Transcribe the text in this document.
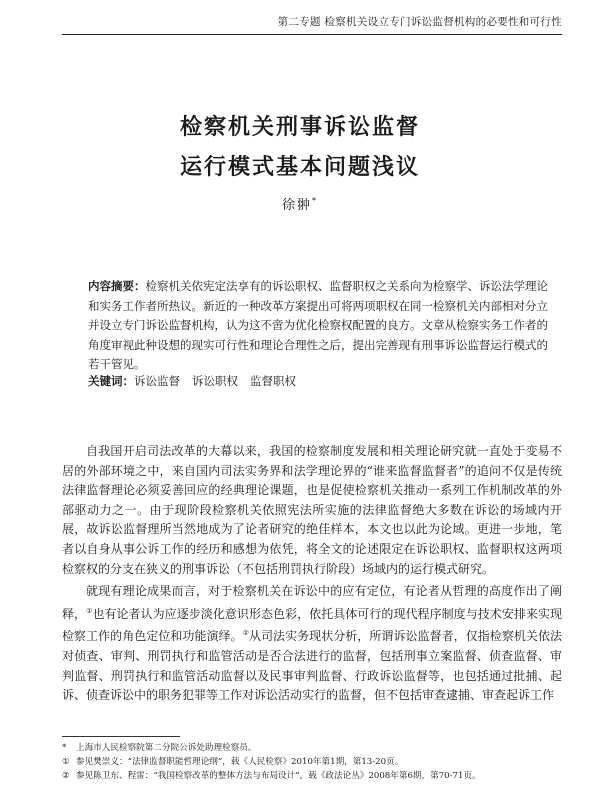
第二专题 检察机关设立专门诉讼监督机构的必要性和可行性
检察机关刑事诉讼监督
运行模式基本问题浅议
徐翀*
内容摘要：检察机关依宪定法享有的诉讼职权、监督职权之关系向为检察学、诉讼法学理论和实务工作者所热议。新近的一种改革方案提出可将两项职权在同一检察机关内部相对分立并设立专门诉讼监督机构，认为这不啻为优化检察权配置的良方。文章从检察实务工作者的角度审视此种设想的现实可行性和理论合理性之后，提出完善现有刑事诉讼监督运行模式的若干管见。
关键词：诉讼监督 诉讼职权 监督职权

自我国开启司法改革的大幕以来，我国的检察制度发展和相关理论研究就一直处于变易不居的外部环境之中，来自国内司法实务界和法学理论界的“谁来监督监督者”的追问不仅是传统法律监督理论必须妥善回应的经典理论课题，也是促使检察机关推动一系列工作机制改革的外部驱动力之一。由于现阶段检察机关依照宪法所实施的法律监督绝大多数在诉讼的场域内开展，故诉讼监督理所当然地成为了论者研究的绝佳样本，本文也以此为论域。更进一步地，笔者以自身从事公诉工作的经历和感想为依凭，将全文的论述限定在诉讼职权、监督职权这两项检察权的分支在狭义的刑事诉讼（不包括刑罚执行阶段）场域内的运行模式研究。

就现有理论成果而言，对于检察机关在诉讼中的应有定位，有论者从哲理的高度作出了阐释，①也有论者认为应逐步淡化意识形态色彩，依托具体可行的现代程序制度与技术安排来实现检察工作的角色定位和功能演绎。②从司法实务现状分析，所谓诉讼监督者，仅指检察机关依法对侦查、审判、刑罚执行和监管活动是否合法进行的监督，包括刑事立案监督、侦查监督、审判监督、刑罚执行和监管活动监督以及民事审判监督、行政诉讼监督等，也包括通过批捕、起诉、侦查诉讼中的职务犯罪等工作对诉讼活动实行的监督，但不包括审查逮捕、审查起诉工作

* 上海市人民检察院第二分院公诉处助理检察员。
① 参见樊崇义：“法律监督职能哲理论纲”，载《人民检察》2010年第1期，第13-20页。
② 参见陈卫东、程雷：“我国检察改革的整体方法与布局设计”，载《政法论丛》2008年第6期，第70-71页。
